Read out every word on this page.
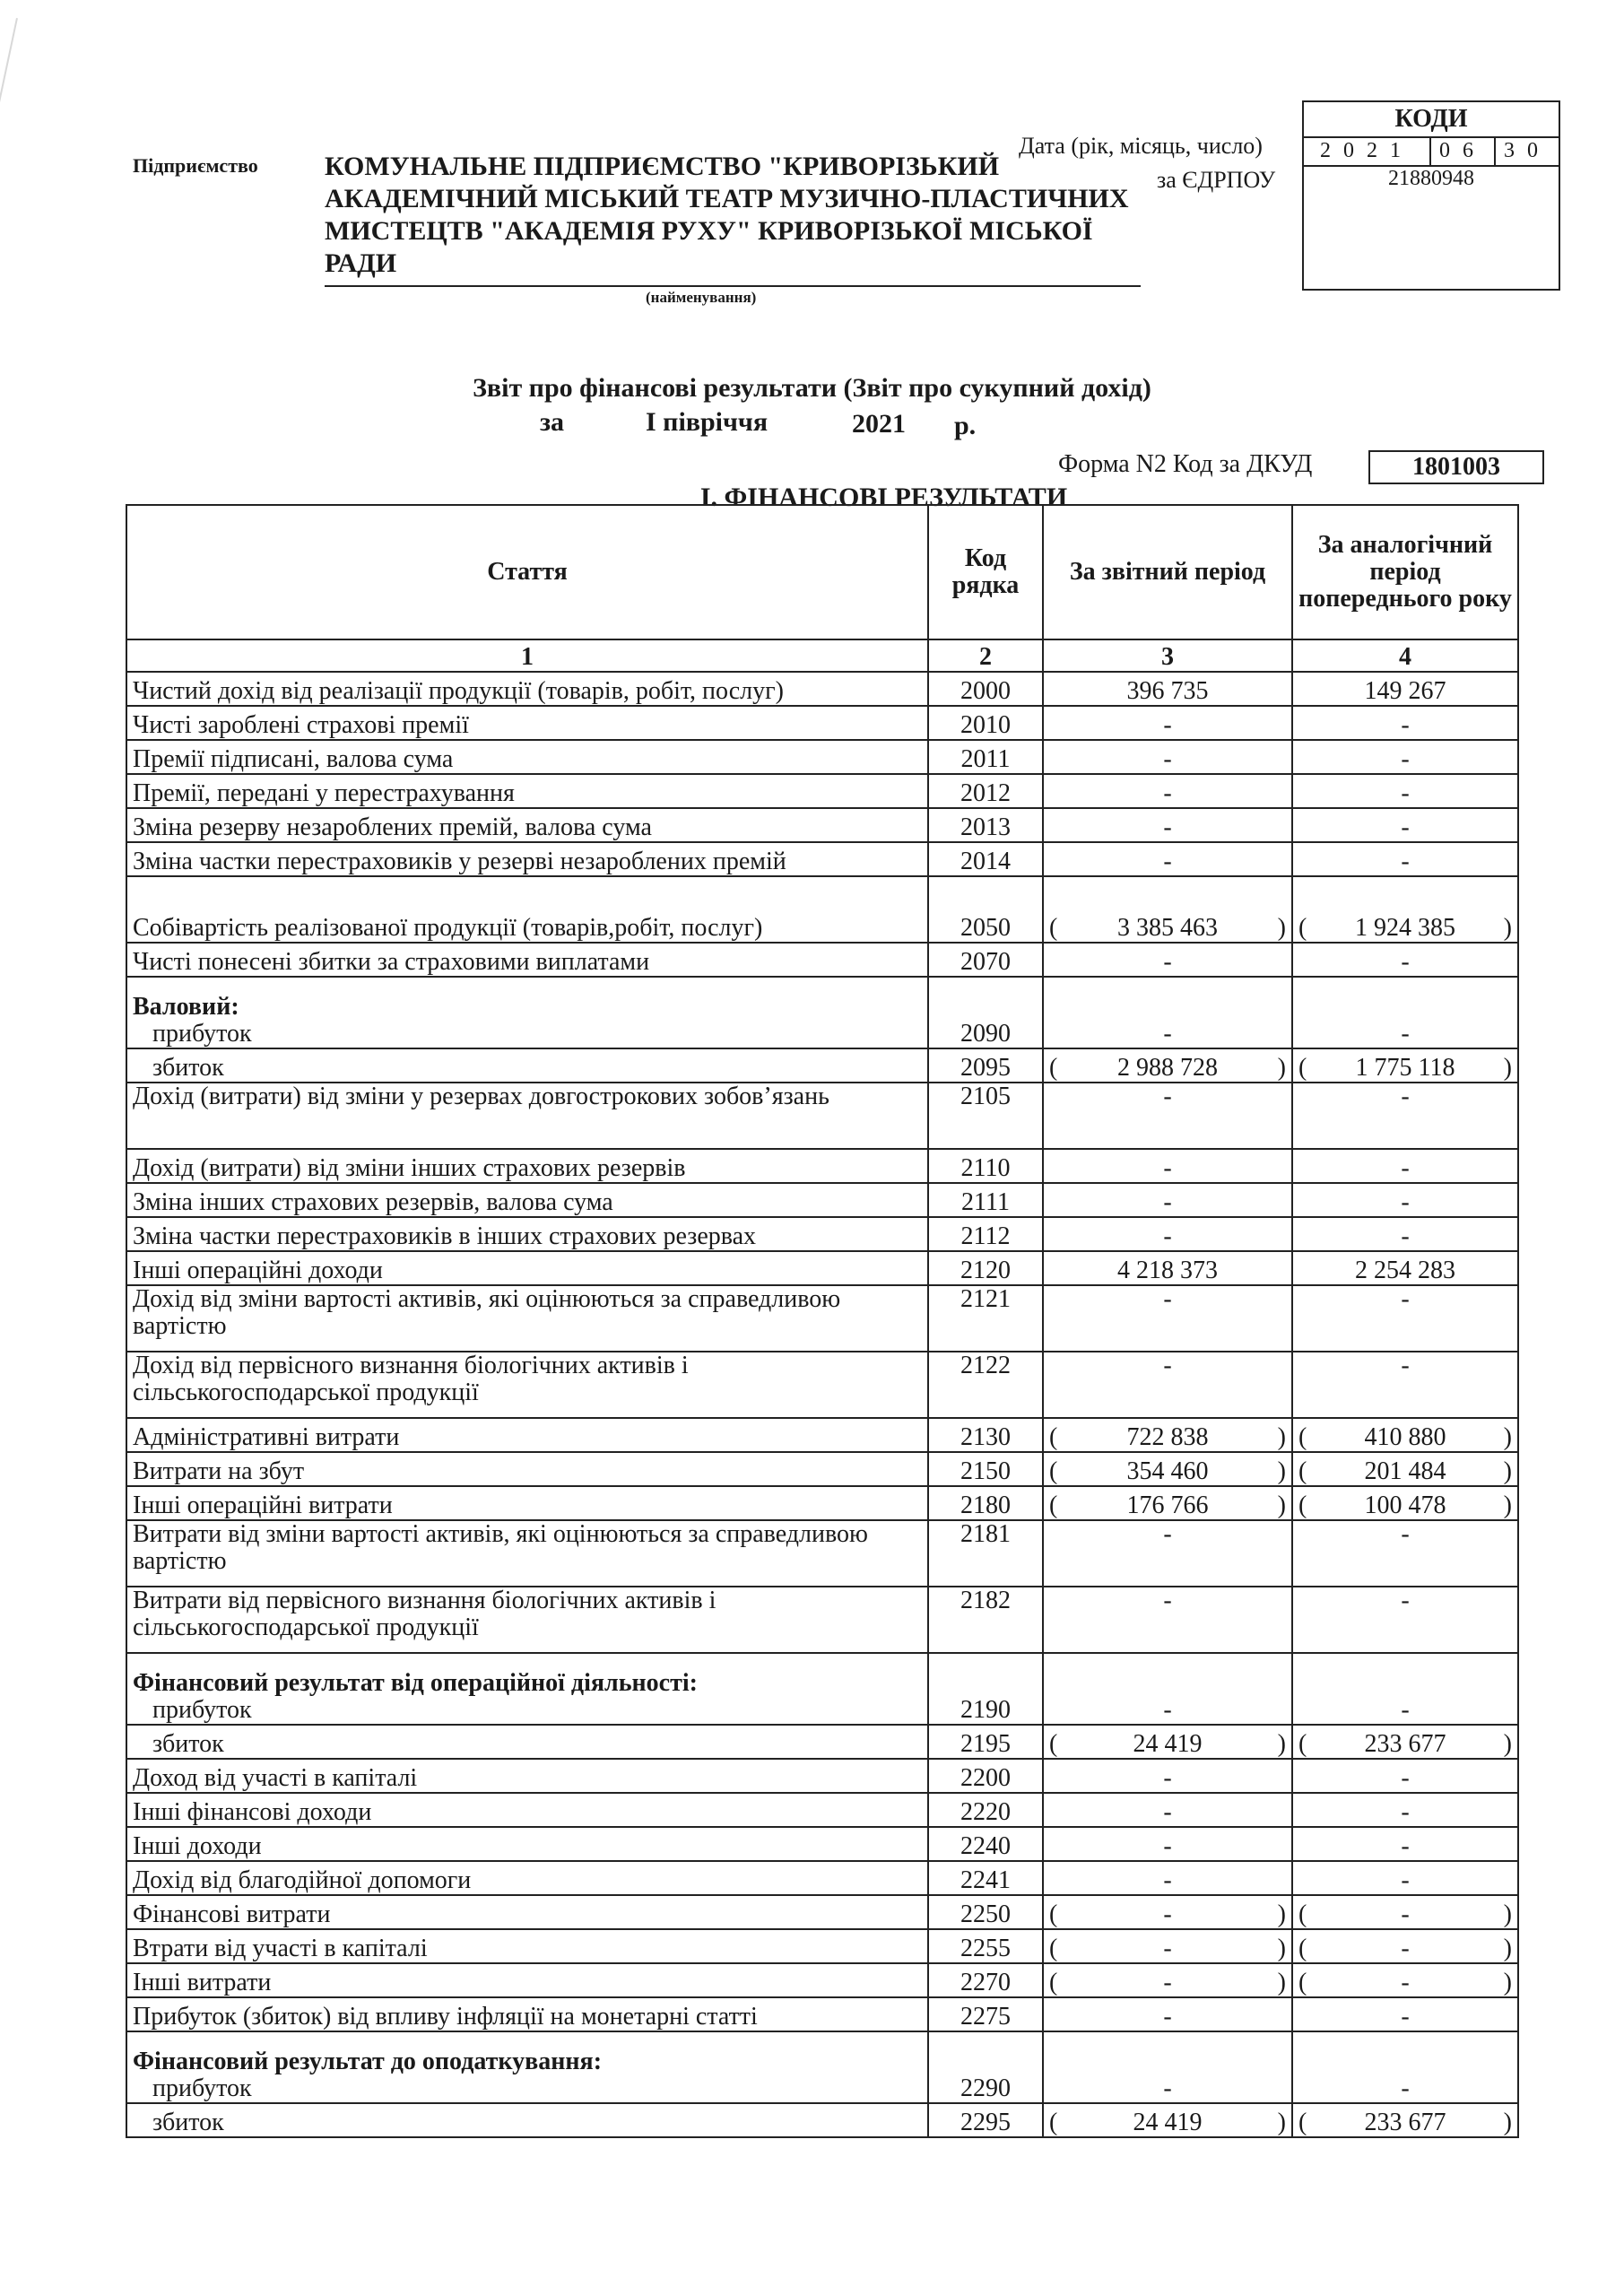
Підприємство КОМУНАЛЬНЕ ПІДПРИЄМСТВО "КРИВОРІЗЬКИЙ АКАДЕМІЧНИЙ МІСЬКИЙ ТЕАТР МУЗИЧНО-ПЛАСТИЧНИХ МИСТЕЦТВ "АКАДЕМІЯ РУХУ" КРИВОРІЗЬКОЇ МІСЬКОЇ РАДИ
(найменування)
Дата (рік, місяць, число)
за ЄДРПОУ
КОДИ
2021	06 30
21880948
Звіт про фінансові результати (Звіт про сукупний дохід)
за	І півріччя	2021 р.
Форма N2 Код за ДКУД	1801003
І. ФІНАНСОВІ РЕЗУЛЬТАТИ
Стаття	Код рядка	За звітний період	За аналогічний період попереднього року
1	2	3	4
Чистий дохід від реалізації продукції (товарів, робіт, послуг)	2000	396 735	149 267
Чисті зароблені страхові премії	2010	-	-
Премії підписані, валова сума	2011	-	-
Премії, передані у перестрахування	2012	-	-
Зміна резерву незароблених премій, валова сума	2013	-	-
Зміна частки перестраховиків у резерві незароблених премій	2014	-	-
Собівартість реалізованої продукції (товарів,робіт, послуг)	2050	( 3 385 463 )	( 1 924 385 )

Чисті понесені збитки за страховими виплатами	2070	-	-

Валовий:
прибуток	2090	-	-

збиток	2095	( 2 988 728 )	( 1 775 118 )

Дохід (витрати) від зміни у резервах довгострокових зобов’язань	2105	-	-
Дохід (витрати) від зміни інших страхових резервів	2110	-	-
Зміна інших страхових резервів, валова сума	2111	-	-
Зміна частки перестраховиків в інших страхових резервах	2112	-	-
Інші операційні доходи	2120	4 218 373	2 254 283
Дохід від зміни вартості активів, які оцінюються за справедливою вартістю	2121	-	-
Дохід від первісного визнання біологічних активів і сільськогосподарської продукції	2122	-	-
Адміністративні витрати	2130	( 722 838 )	( 410 880 )

Витрати на збут	2150	( 354 460 )	( 201 484 )

Інші операційні витрати	2180	( 176 766 )	( 100 478 )

Витрати від зміни вартості активів, які оцінюються за справедливою вартістю	2181	-	-
Витрати від первісного визнання біологічних активів і сільськогосподарської продукції	2182	-	-

Фінансовий результат від операційної діяльності:
прибуток	2190	-	-

збиток	2195	( 24 419 )	( 233 677 )

Доход від участі в капіталі	2200	-	-
Інші фінансові доходи	2220	-	-
Інші доходи	2240	-	-
Дохід від благодійної допомоги	2241	-	-
Фінансові витрати	2250	( - )	( - )

Втрати від участі в капіталі	2255	( - )	( - )

Інші витрати	2270	( - )	( - )

Прибуток (збиток) від впливу інфляції на монетарні статті	2275	-	-

Фінансовий результат до оподаткування:
прибуток	2290	-	-

збиток	2295	( 24 419 )	( 233 677 )
